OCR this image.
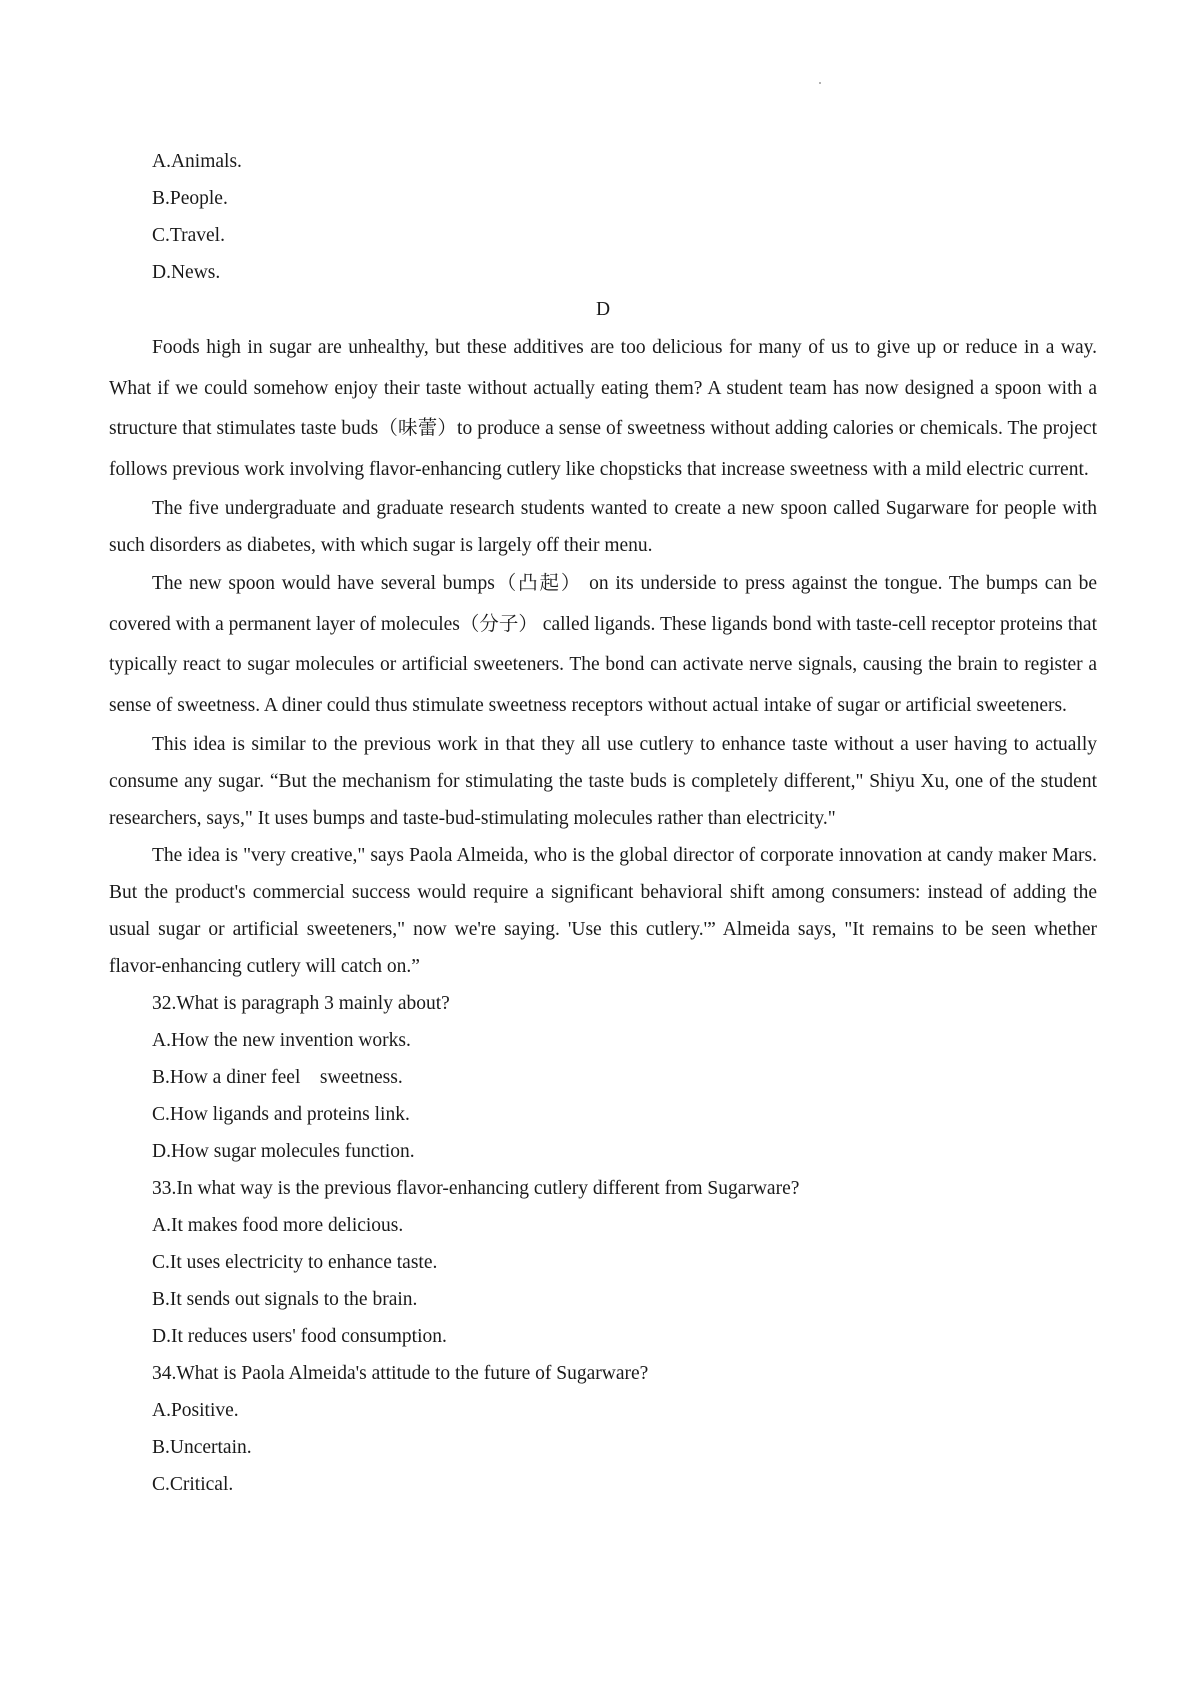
A.Animals.
B.People.
C.Travel.
D.News.
D

Foods high in sugar are unhealthy, but these additives are too delicious for many of us to give up or reduce in a way. What if we could somehow enjoy their taste without actually eating them? A student team has now designed a spoon with a structure that stimulates taste buds（味蕾）to produce a sense of sweetness without adding calories or chemicals. The project follows previous work involving flavor-enhancing cutlery like chopsticks that increase sweetness with a mild electric current.

The five undergraduate and graduate research students wanted to create a new spoon called Sugarware for people with such disorders as diabetes, with which sugar is largely off their menu.

The new spoon would have several bumps（凸起） on its underside to press against the tongue. The bumps can be covered with a permanent layer of molecules（分子） called ligands. These ligands bond with taste-cell receptor proteins that typically react to sugar molecules or artificial sweeteners. The bond can activate nerve signals, causing the brain to register a sense of sweetness. A diner could thus stimulate sweetness receptors without actual intake of sugar or artificial sweeteners.

This idea is similar to the previous work in that they all use cutlery to enhance taste without a user having to actually consume any sugar. “But the mechanism for stimulating the taste buds is completely different," Shiyu Xu, one of the student researchers, says," It uses bumps and taste-bud-stimulating molecules rather than electricity."

The idea is "very creative," says Paola Almeida, who is the global director of corporate innovation at candy maker Mars. But the product's commercial success would require a significant behavioral shift among consumers: instead of adding the usual sugar or artificial sweeteners," now we're saying. 'Use this cutlery.'” Almeida says, "It remains to be seen whether flavor-enhancing cutlery will catch on.”

32.What is paragraph 3 mainly about?
A.How the new invention works.
B.How a diner feel    sweetness.
C.How ligands and proteins link.
D.How sugar molecules function.
33.In what way is the previous flavor-enhancing cutlery different from Sugarware?
A.It makes food more delicious.
C.It uses electricity to enhance taste.
B.It sends out signals to the brain.
D.It reduces users' food consumption.
34.What is Paola Almeida's attitude to the future of Sugarware?
A.Positive.
B.Uncertain.
C.Critical.
